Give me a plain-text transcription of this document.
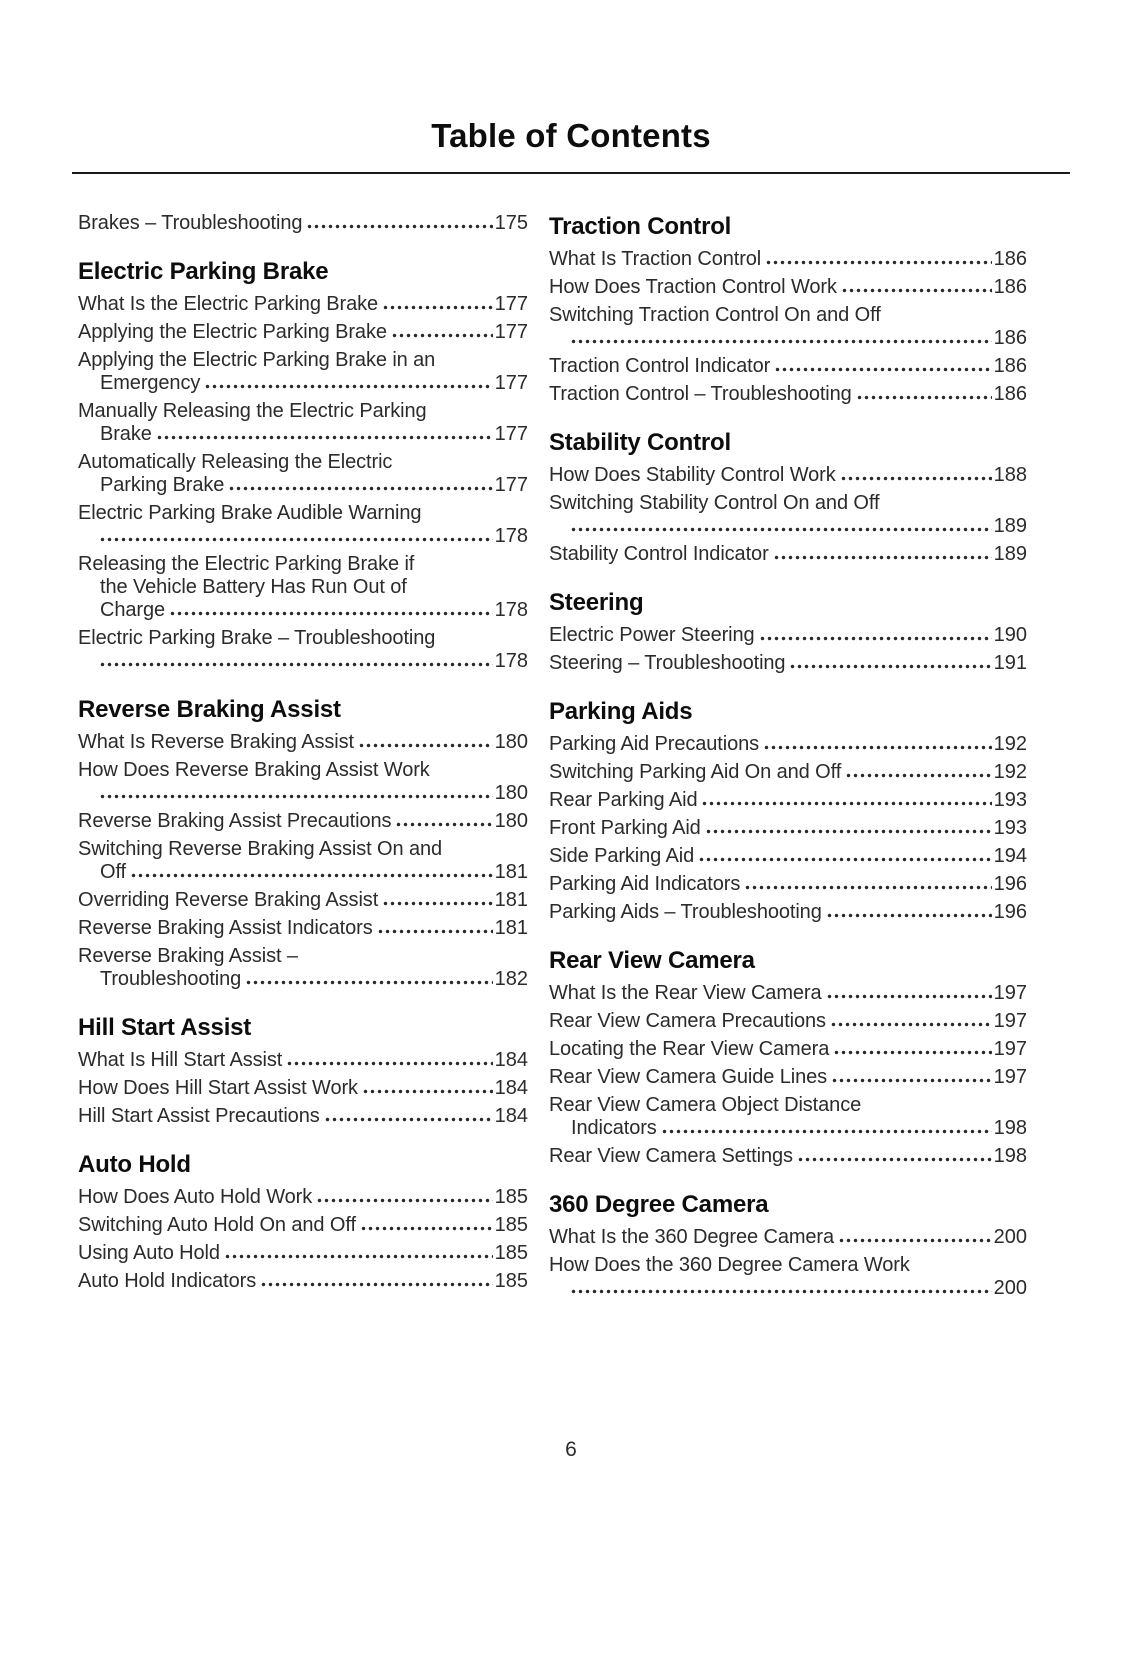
Table of Contents
Brakes – Troubleshooting	175
Electric Parking Brake
What Is the Electric Parking Brake	177
Applying the Electric Parking Brake	177
Applying the Electric Parking Brake in an
Emergency	177
Manually Releasing the Electric Parking
Brake	177
Automatically Releasing the Electric
Parking Brake	177
Electric Parking Brake Audible Warning
178
Releasing the Electric Parking Brake if
the Vehicle Battery Has Run Out of
Charge	178
Electric Parking Brake – Troubleshooting
178
Reverse Braking Assist
What Is Reverse Braking Assist	180
How Does Reverse Braking Assist Work
180
Reverse Braking Assist Precautions	180
Switching Reverse Braking Assist On and
Off	181
Overriding Reverse Braking Assist	181
Reverse Braking Assist Indicators	181
Reverse Braking Assist –
Troubleshooting	182
Hill Start Assist
What Is Hill Start Assist	184
How Does Hill Start Assist Work	184
Hill Start Assist Precautions	184
Auto Hold
How Does Auto Hold Work	185
Switching Auto Hold On and Off	185
Using Auto Hold	185
Auto Hold Indicators	185
Traction Control
What Is Traction Control	186
How Does Traction Control Work	186
Switching Traction Control On and Off
186
Traction Control Indicator	186
Traction Control – Troubleshooting	186
Stability Control
How Does Stability Control Work	188
Switching Stability Control On and Off
189
Stability Control Indicator	189
Steering
Electric Power Steering	190
Steering – Troubleshooting	191
Parking Aids
Parking Aid Precautions	192
Switching Parking Aid On and Off	192
Rear Parking Aid	193
Front Parking Aid	193
Side Parking Aid	194
Parking Aid Indicators	196
Parking Aids – Troubleshooting	196
Rear View Camera
What Is the Rear View Camera	197
Rear View Camera Precautions	197
Locating the Rear View Camera	197
Rear View Camera Guide Lines	197
Rear View Camera Object Distance
Indicators	198
Rear View Camera Settings	198
360 Degree Camera
What Is the 360 Degree Camera	200
How Does the 360 Degree Camera Work
200
6
